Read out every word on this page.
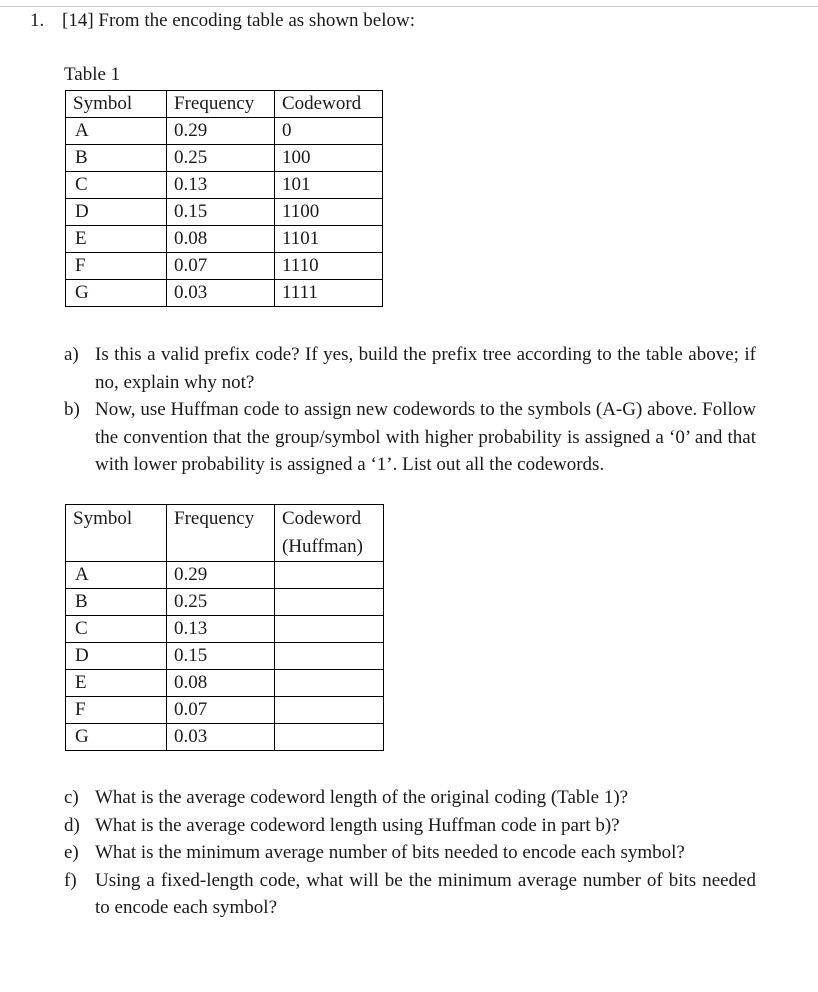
1. [14] From the encoding table as shown below:
Table 1
Symbol	Frequency	Codeword
A	0.29	0
B	0.25	100
C	0.13	101
D	0.15	1100
E	0.08	1101
F	0.07	1110
G	0.03	1111
a) Is this a valid prefix code? If yes, build the prefix tree according to the table above; if no, explain why not?
b) Now, use Huffman code to assign new codewords to the symbols (A-G) above. Follow the convention that the group/symbol with higher probability is assigned a ‘0’ and that with lower probability is assigned a ‘1’. List out all the codewords.
Symbol	Frequency	Codeword (Huffman)
A	0.29	
B	0.25	
C	0.13	
D	0.15	
E	0.08	
F	0.07	
G	0.03	
c) What is the average codeword length of the original coding (Table 1)?
d) What is the average codeword length using Huffman code in part b)?
e) What is the minimum average number of bits needed to encode each symbol?
f) Using a fixed-length code, what will be the minimum average number of bits needed to encode each symbol?
